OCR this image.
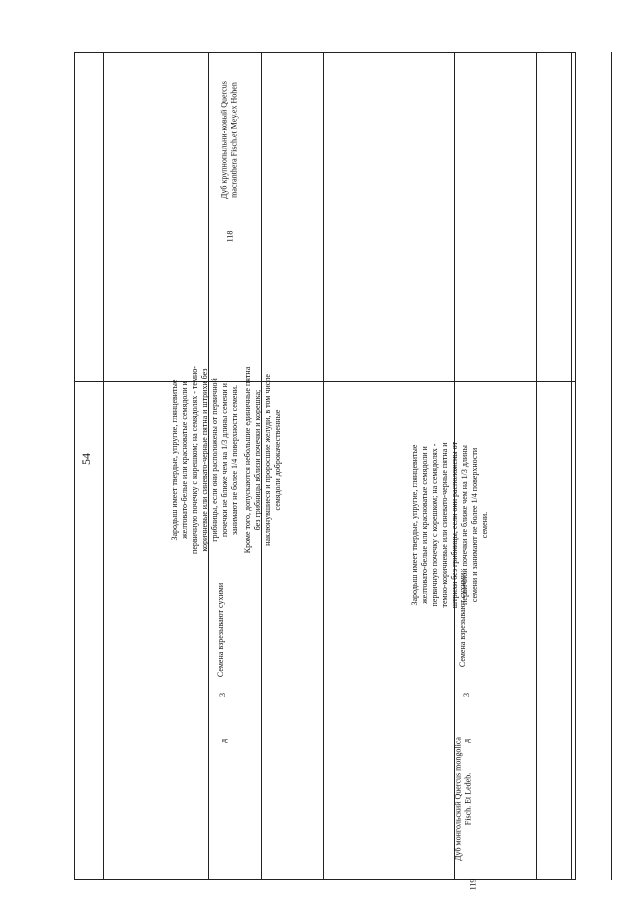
54
118
Дуб крупнопыльни-ковый Quercus macranthera Fisch.et Mey.ex Hohen
д
3
Семена взрезывают сухими
Зародыш имеет твердые, упругие, глянцевитые желтовато-белые или красноватые семядоли и первичную почечку с корешком; на семядолях - темно-коричневые или синевато-черные пятна и штрихи без грибницы, если они расположены от первичной почечки не ближе чем на 1/3 длины семени и занимают не более 1/4 поверхности семени. Кроме того, допускаются небольшие единичные пятна без грибницы вблизи почечки и корешка; наклюнувшиеся и проросшие желуди, в том числе семядоли доброкачественные
119
Дуб монгольский Quercus mongolica Fisch. Et Ledeb.
д
3
Семена взрезывают сухими
Зародыш имеет твердые, упругие, глянцевитые желтовато-белые или красноватые семядоли и первичную почечку с корешком; на семядолях - темно-коричневые или синевато-черные пятна и штрихи без грибницы, если они расположены от первичной почечки не ближе чем на 1/3 длины семени и занимают не более 1/4 поверхности семени.
